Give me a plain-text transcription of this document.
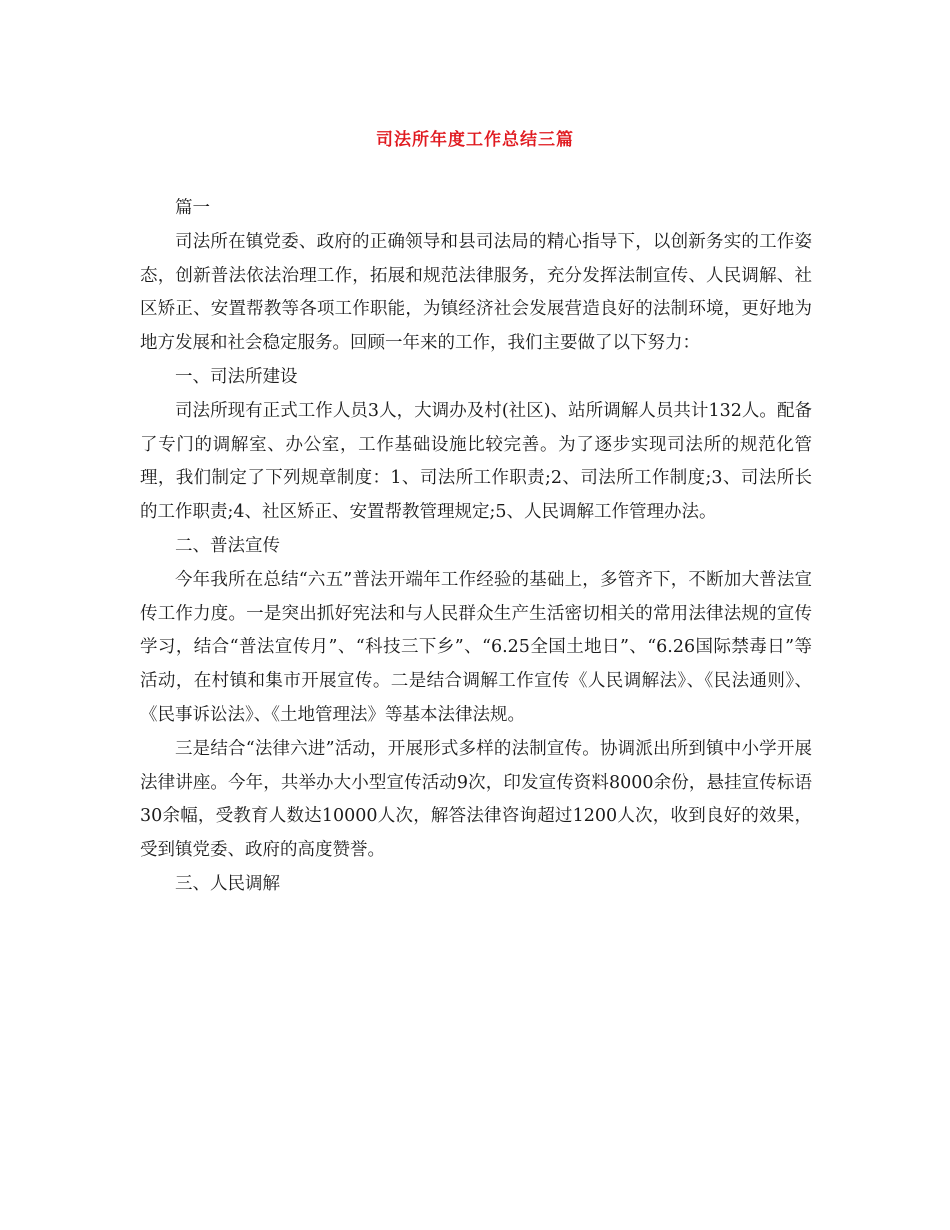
司法所年度工作总结三篇

篇一

司法所在镇党委、政府的正确领导和县司法局的精心指导下，以创新务实的工作姿态，创新普法依法治理工作，拓展和规范法律服务，充分发挥法制宣传、人民调解、社区矫正、安置帮教等各项工作职能，为镇经济社会发展营造良好的法制环境，更好地为地方发展和社会稳定服务。回顾一年来的工作，我们主要做了以下努力：

一、司法所建设

司法所现有正式工作人员3人，大调办及村(社区)、站所调解人员共计132人。配备了专门的调解室、办公室，工作基础设施比较完善。为了逐步实现司法所的规范化管理，我们制定了下列规章制度：1、司法所工作职责;2、司法所工作制度;3、司法所长的工作职责;4、社区矫正、安置帮教管理规定;5、人民调解工作管理办法。

二、普法宣传

今年我所在总结“六五”普法开端年工作经验的基础上，多管齐下，不断加大普法宣传工作力度。一是突出抓好宪法和与人民群众生产生活密切相关的常用法律法规的宣传学习，结合“普法宣传月”、“科技三下乡”、“6.25全国土地日”、“6.26国际禁毒日”等活动，在村镇和集市开展宣传。二是结合调解工作宣传《人民调解法》、《民法通则》、《民事诉讼法》、《土地管理法》等基本法律法规。

三是结合“法律六进”活动，开展形式多样的法制宣传。协调派出所到镇中小学开展法律讲座。今年，共举办大小型宣传活动9次，印发宣传资料8000余份，悬挂宣传标语30余幅，受教育人数达10000人次，解答法律咨询超过1200人次，收到良好的效果，受到镇党委、政府的高度赞誉。

三、人民调解
